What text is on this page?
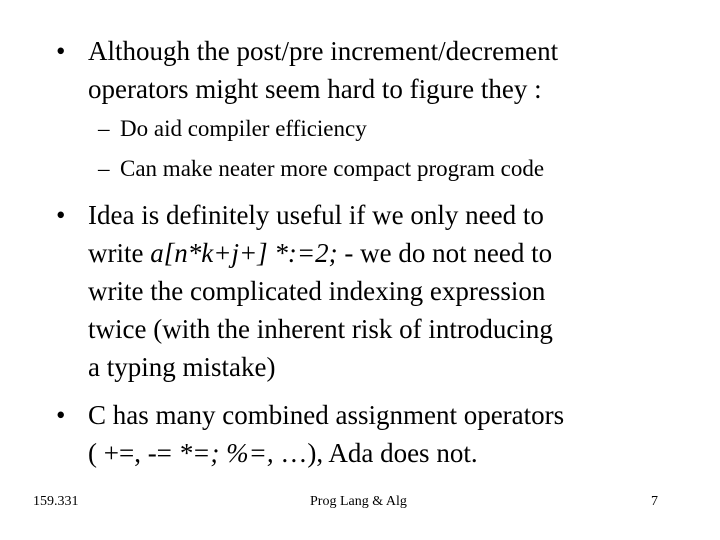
• Although the post/pre increment/decrement
operators might seem hard to figure they :
– Do aid compiler efficiency
– Can make neater more compact program code
• Idea is definitely useful if we only need to
write a[n*k+j+] *:=2; - we do not need to
write the complicated indexing expression
twice (with the inherent risk of introducing
a typing mistake)
• C has many combined assignment operators
( +=, -= *=; %=, …), Ada does not.
159.331	Prog Lang & Alg	7
